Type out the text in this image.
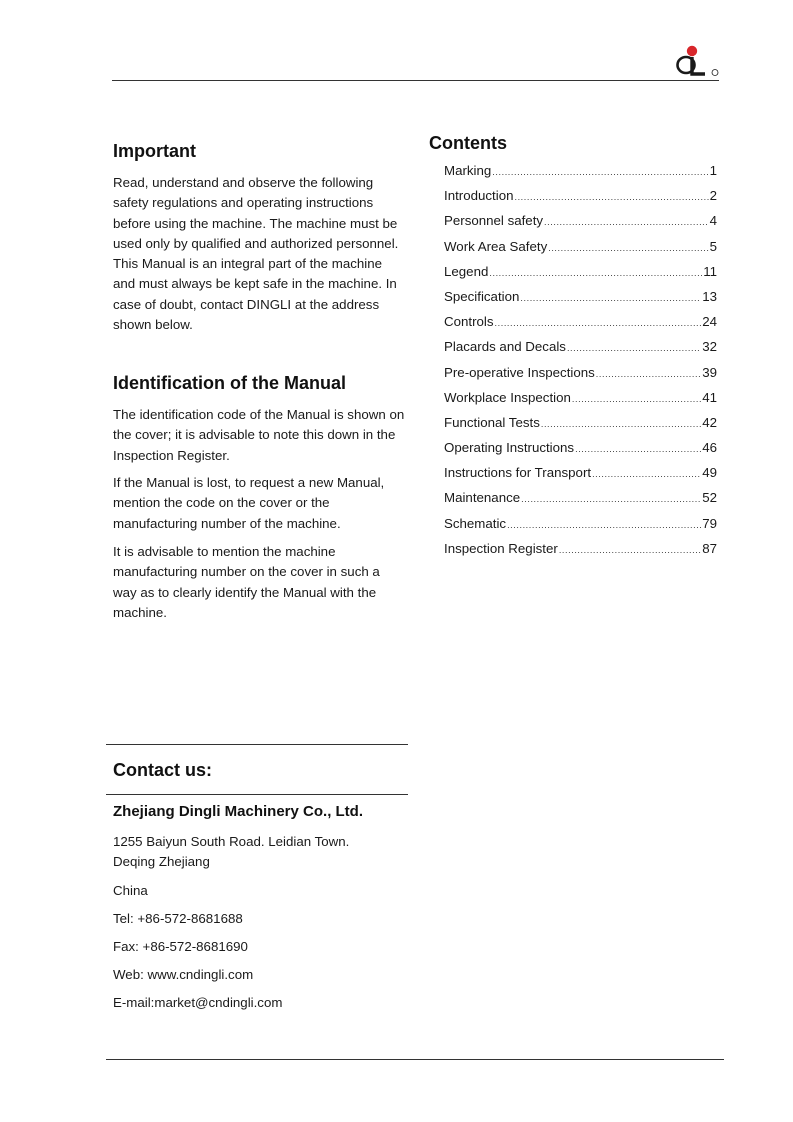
Important

Read, understand and observe the following safety regulations and operating instructions before using the machine. The machine must be used only by qualified and authorized personnel. This Manual is an integral part of the machine and must always be kept safe in the machine. In case of doubt, contact DINGLI at the address shown below.

Identification of the Manual

The identification code of the Manual is shown on the cover; it is advisable to note this down in the Inspection Register.

If the Manual is lost, to request a new Manual, mention the code on the cover or the manufacturing number of the machine.

It is advisable to mention the machine manufacturing number on the cover in such a way as to clearly identify the Manual with the machine.

Contents
Marking .....	1
Introduction .....	2
Personnel safety .....	4
Work Area Safety .....	5
Legend .....	11
Specification .....	13
Controls .....	24
Placards and Decals .....	32
Pre-operative Inspections .....	39
Workplace Inspection .....	41
Functional Tests .....	42
Operating Instructions .....	46
Instructions for Transport .....	49
Maintenance .....	52
Schematic .....	79
Inspection Register .....	87
Contact us:

Zhejiang Dingli Machinery Co., Ltd.

1255 Baiyun South Road. Leidian Town.

Deqing Zhejiang

China

Tel: +86-572-8681688

Fax: +86-572-8681690

Web: www.cndingli.com

E-mail:market@cndingli.com
